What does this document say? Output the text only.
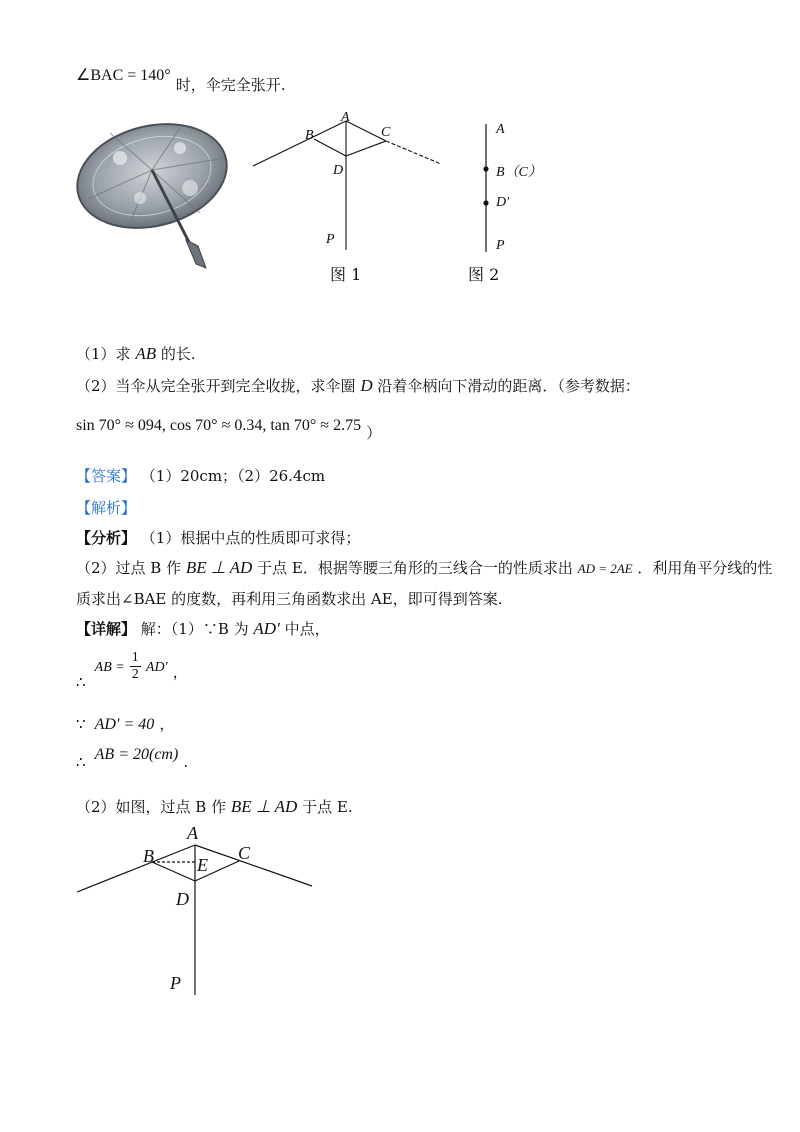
∠BAC = 140° 时，伞完全张开.
A
B	C
D
P
图 1
A
B（C）
D′
P
图 2
（1）求 AB 的长.
（2）当伞从完全张开到完全收拢，求伞圈 D 沿着伞柄向下滑动的距离．（参考数据：
sin 70° ≈ 094, cos 70° ≈ 0.34, tan 70° ≈ 2.75 ）
【答案】 （1）20cm；（2）26.4cm
【解析】
【分析】 （1）根据中点的性质即可求得；
（2）过点 B 作 BE ⊥ AD 于点 E．根据等腰三角形的三线合一的性质求出 AD = 2AE ．利用角平分线的性
质求出∠BAE 的度数，再利用三角函数求出 AE，即可得到答案.
【详解】 解：（1）∵B 为 AD′ 中点，
∴ AB = $\frac{1}{2} AD'$ ，
∵ AD′ = 40 ，
∴ AB = 20(cm) .
（2）如图，过点 B 作 BE ⊥ AD 于点 E.
A
B	C
E
D
P
